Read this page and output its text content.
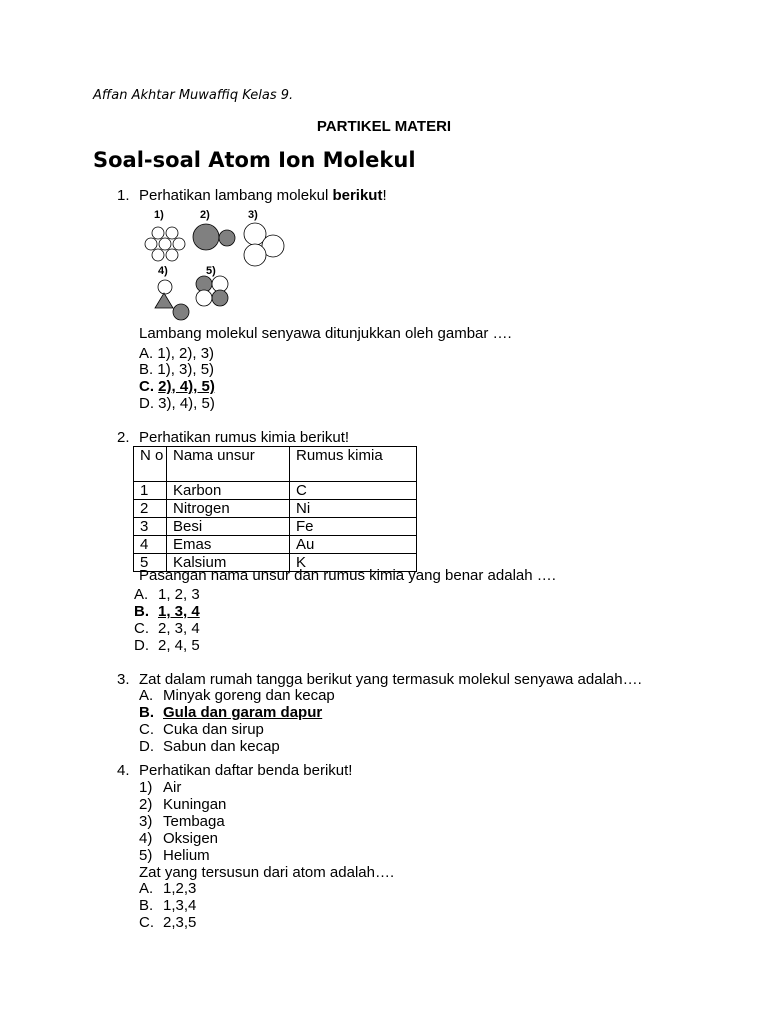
Affan Akhtar Muwaffiq Kelas 9.
PARTIKEL MATERI
Soal-soal Atom Ion Molekul
1. Perhatikan lambang molekul berikut!
1)	2)	3)
4)	5)
Lambang molekul senyawa ditunjukkan oleh gambar ….
A. 1), 2), 3)
B. 1), 3), 5)
C. 2), 4), 5)
D. 3), 4), 5)
2. Perhatikan rumus kimia berikut!
N o	Nama unsur	Rumus kimia
1	Karbon	C
2	Nitrogen	Ni
3	Besi	Fe
4	Emas	Au
5	Kalsium	K
Pasangan nama unsur dan rumus kimia yang benar adalah ….
A. 1, 2, 3
B. 1, 3, 4
C. 2, 3, 4
D. 2, 4, 5
3. Zat dalam rumah tangga berikut yang termasuk molekul senyawa adalah….
A. Minyak goreng dan kecap
B. Gula dan garam dapur
C. Cuka dan sirup
D. Sabun dan kecap
4. Perhatikan daftar benda berikut!
1) Air
2) Kuningan
3) Tembaga
4) Oksigen
5) Helium
Zat yang tersusun dari atom adalah….
A. 1,2,3
B. 1,3,4
C. 2,3,5
